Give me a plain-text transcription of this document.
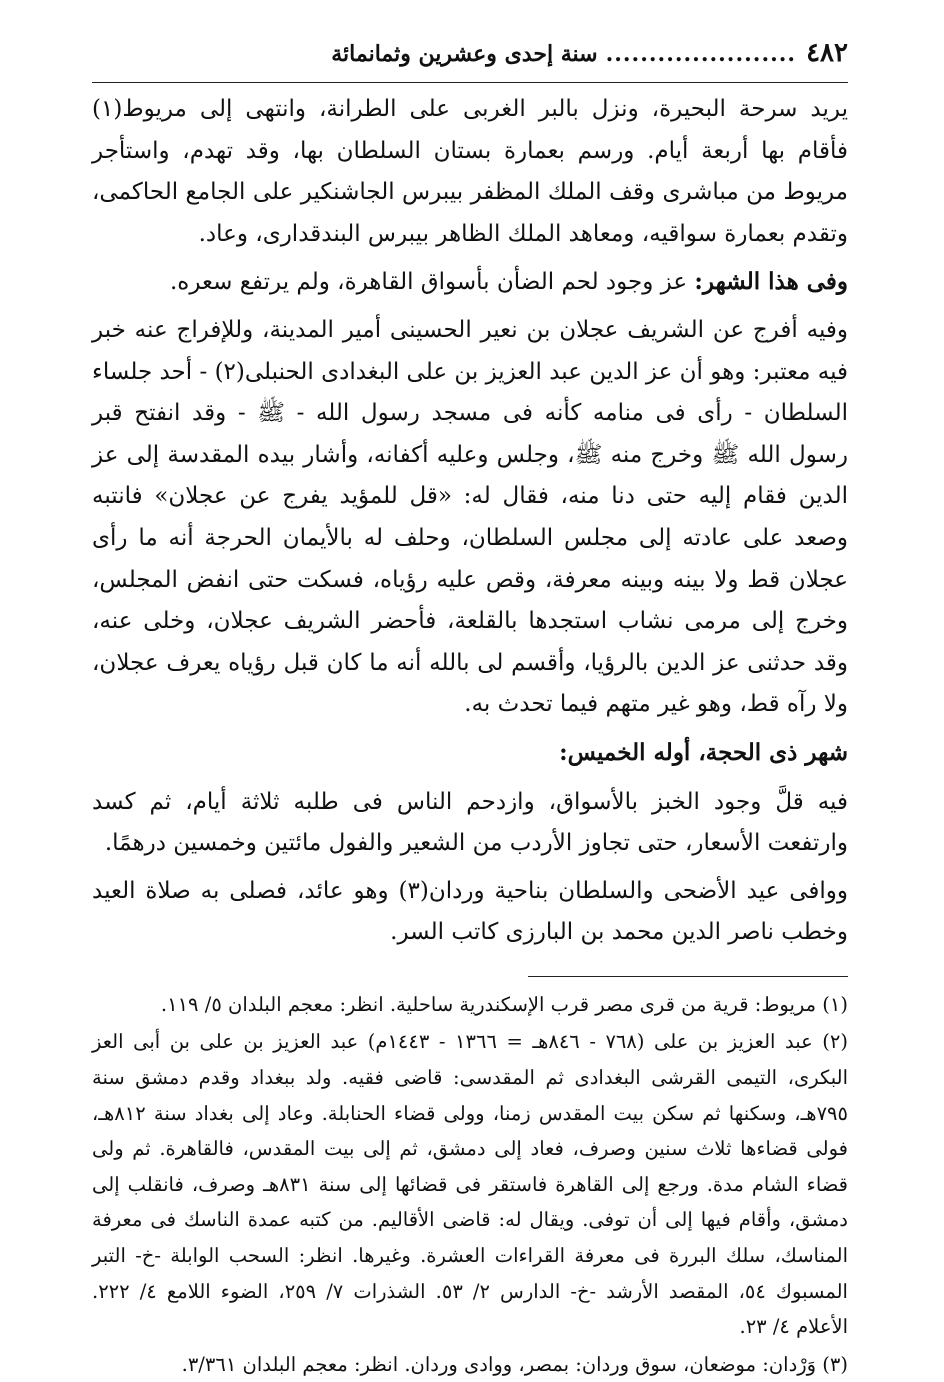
٤٨٢
......................
سنة إحدى وعشرين وثمانمائة

يريد سرحة البحيرة، ونزل بالبر الغربى على الطرانة، وانتهى إلى مريوط(١) فأقام بها أربعة أيام. ورسم بعمارة بستان السلطان بها، وقد تهدم، واستأجر مريوط من مباشرى وقف الملك المظفر بيبرس الجاشنكير على الجامع الحاكمى، وتقدم بعمارة سواقيه، ومعاهد الملك الظاهر بيبرس البندقدارى، وعاد.

وفى هذا الشهر: عز وجود لحم الضأن بأسواق القاهرة، ولم يرتفع سعره.

وفيه أفرج عن الشريف عجلان بن نعير الحسينى أمير المدينة، وللإفراج عنه خبر فيه معتبر: وهو أن عز الدين عبد العزيز بن على البغدادى الحنبلى(٢) - أحد جلساء السلطان - رأى فى منامه كأنه فى مسجد رسول الله - ﷺ - وقد انفتح قبر رسول الله ﷺ وخرج منه ﷺ، وجلس وعليه أكفانه، وأشار بيده المقدسة إلى عز الدين فقام إليه حتى دنا منه، فقال له: «قل للمؤيد يفرج عن عجلان» فانتبه وصعد على عادته إلى مجلس السلطان، وحلف له بالأيمان الحرجة أنه ما رأى عجلان قط ولا بينه وبينه معرفة، وقص عليه رؤياه، فسكت حتى انفض المجلس، وخرج إلى مرمى نشاب استجدها بالقلعة، فأحضر الشريف عجلان، وخلى عنه، وقد حدثنى عز الدين بالرؤيا، وأقسم لى بالله أنه ما كان قبل رؤياه يعرف عجلان، ولا رآه قط، وهو غير متهم فيما تحدث به.

شهر ذى الحجة، أوله الخميس:

فيه قلَّ وجود الخبز بالأسواق، وازدحم الناس فى طلبه ثلاثة أيام، ثم كسد وارتفعت الأسعار، حتى تجاوز الأردب من الشعير والفول مائتين وخمسين درهمًا.

ووافى عيد الأضحى والسلطان بناحية وردان(٣) وهو عائد، فصلى به صلاة العيد وخطب ناصر الدين محمد بن البارزى كاتب السر.

(١) مريوط: قرية من قرى مصر قرب الإسكندرية ساحلية. انظر: معجم البلدان ٥/ ١١٩.

(٢) عبد العزيز بن على (٧٦٨ - ٨٤٦هـ = ١٣٦٦ - ١٤٤٣م) عبد العزيز بن على بن أبى العز البكرى، التيمى القرشى البغدادى ثم المقدسى: قاضى فقيه. ولد ببغداد وقدم دمشق سنة ٧٩٥هـ، وسكنها ثم سكن بيت المقدس زمنا، وولى قضاء الحنابلة. وعاد إلى بغداد سنة ٨١٢هـ، فولى قضاءها ثلاث سنين وصرف، فعاد إلى دمشق، ثم إلى بيت المقدس، فالقاهرة. ثم ولى قضاء الشام مدة. ورجع إلى القاهرة فاستقر فى قضائها إلى سنة ٨٣١هـ وصرف، فانقلب إلى دمشق، وأقام فيها إلى أن توفى. ويقال له: قاضى الأقاليم. من كتبه عمدة الناسك فى معرفة المناسك، سلك البررة فى معرفة القراءات العشرة. وغيرها. انظر: السحب الوابلة -خ- التبر المسبوك ٥٤، المقصد الأرشد -خ- الدارس ٢/ ٥٣. الشذرات ٧/ ٢٥٩، الضوء اللامع ٤/ ٢٢٢. الأعلام ٤/ ٢٣.

(٣) وَرْدان: موضعان، سوق وردان: بمصر، ووادى وردان. انظر: معجم البلدان ٣/٣٦١.
